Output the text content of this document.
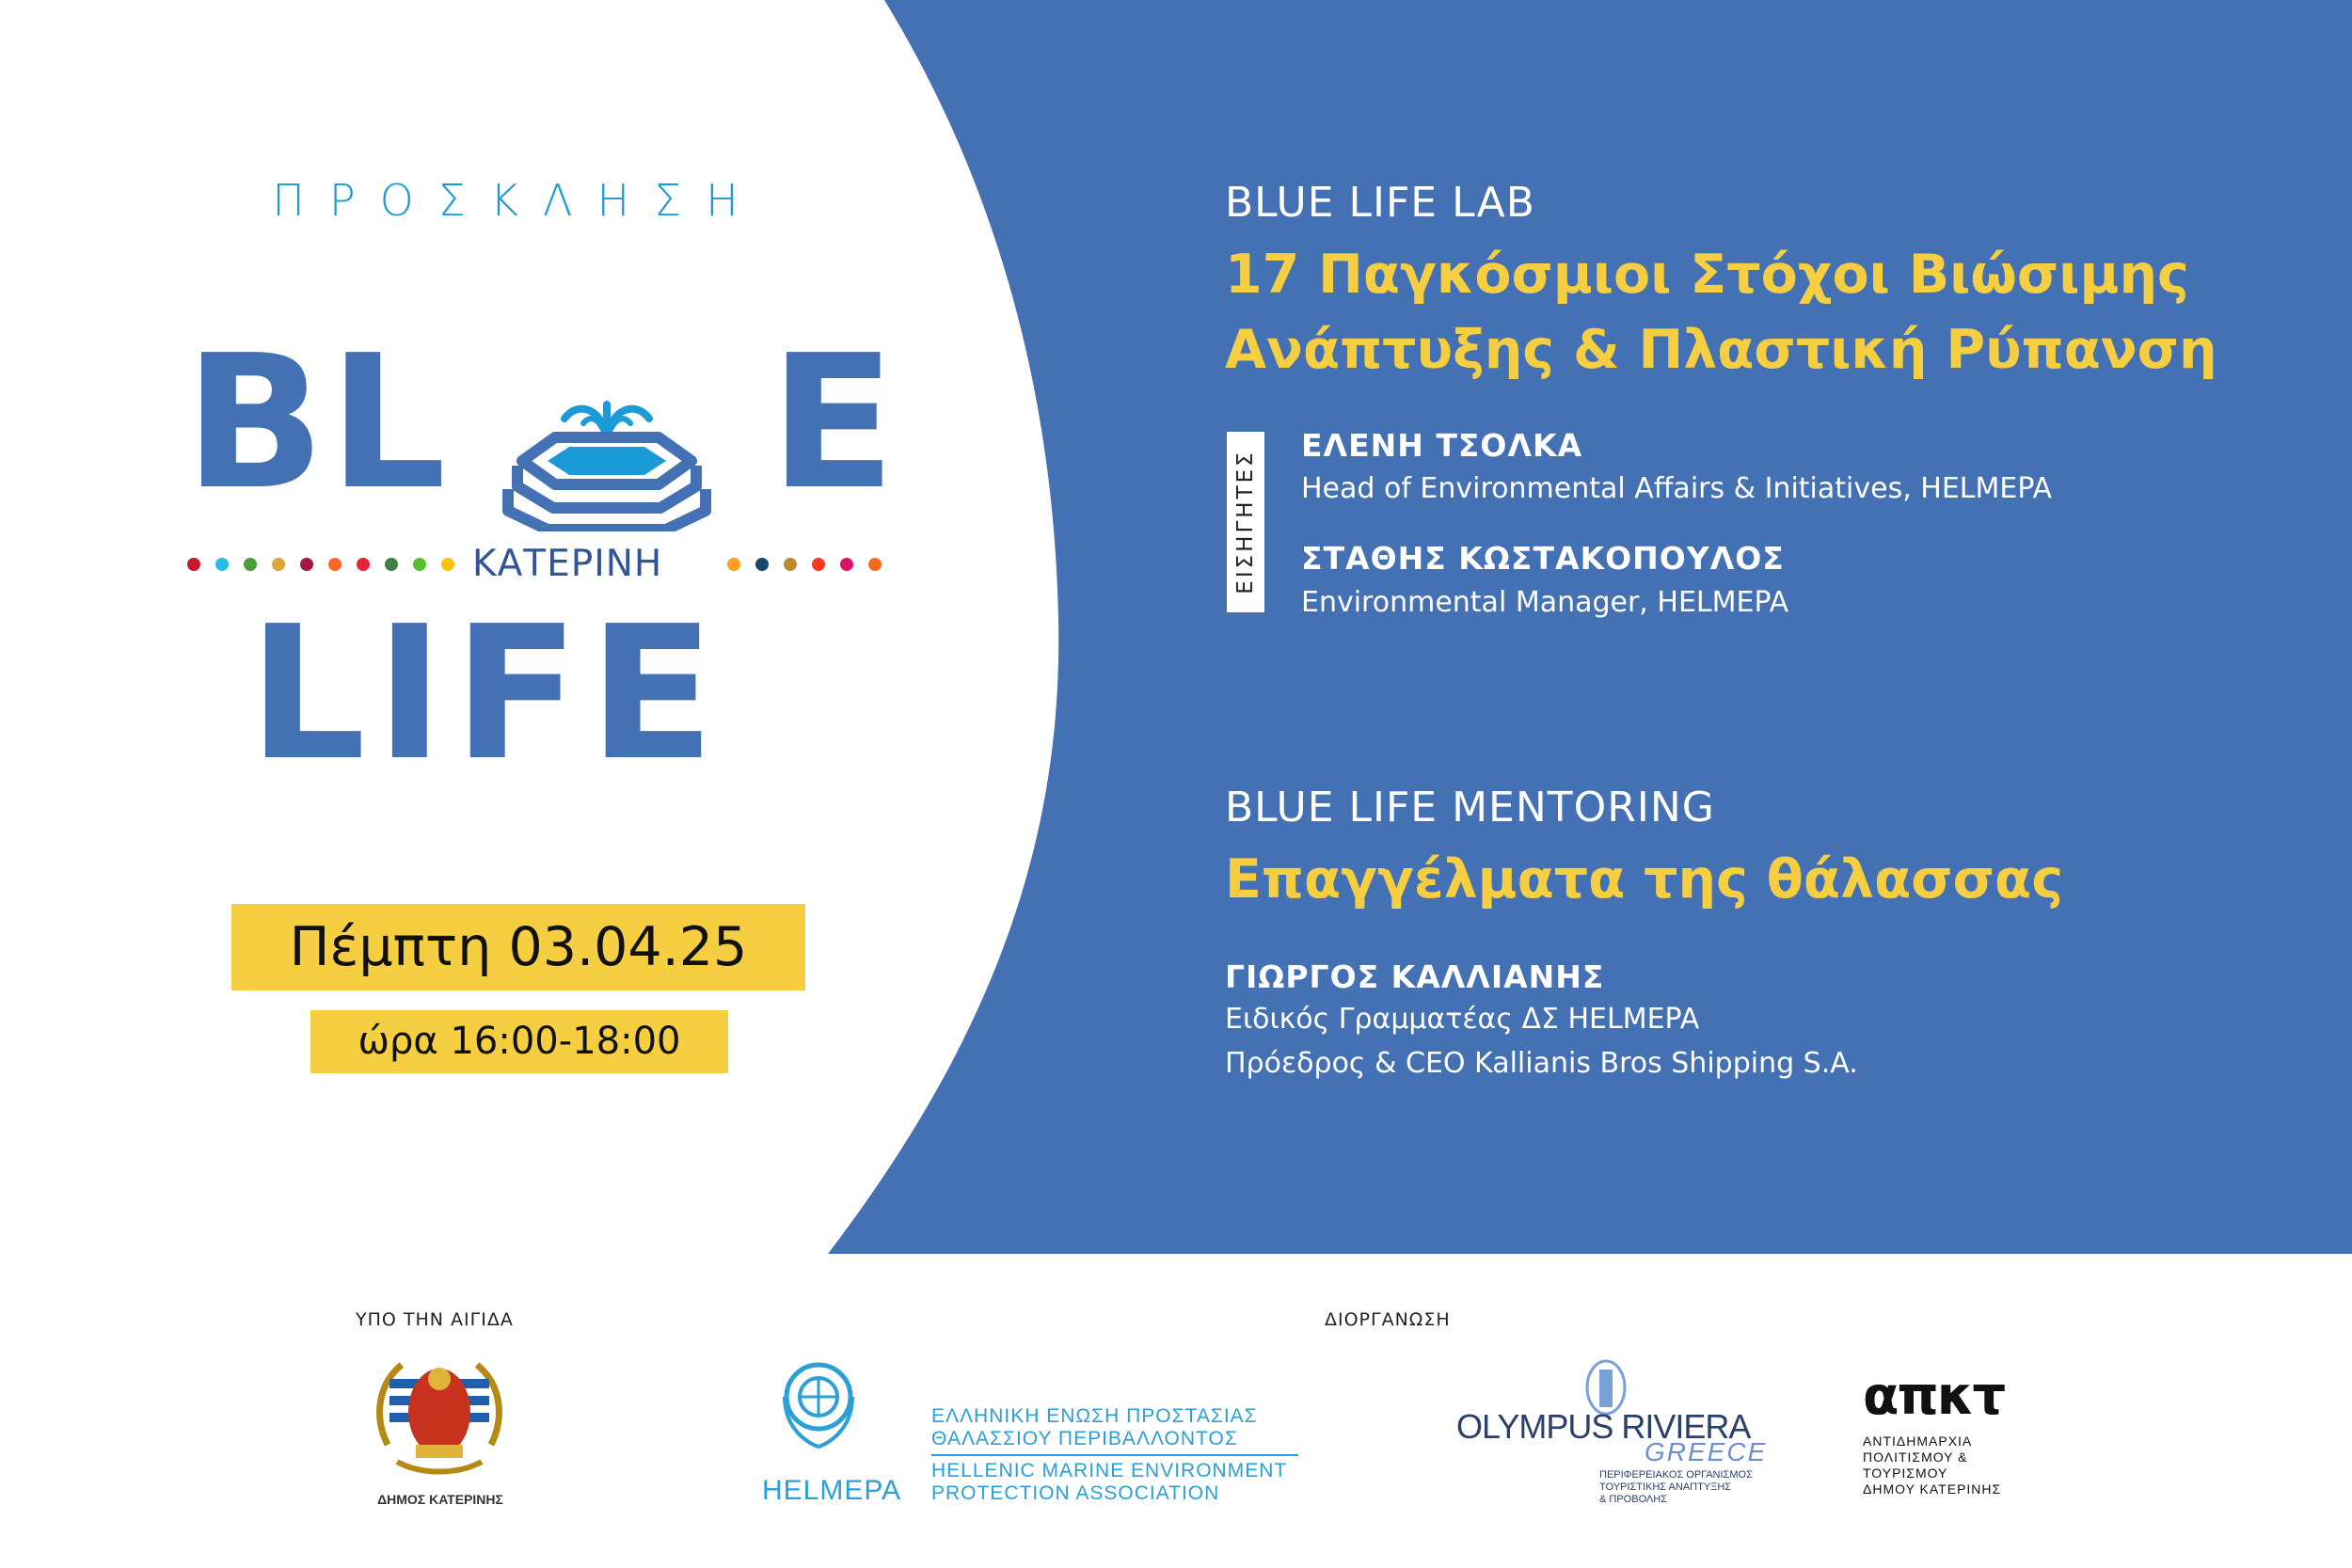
ΠΡΟΣΚΛΗΣΗ
BL E
ΚΑΤΕΡΙΝΗ
LIFE
Πέμπτη 03.04.25
ώρα 16:00-18:00
BLUE LIFE LAB
17 Παγκόσμιοι Στόχοι Βιώσιμης
Ανάπτυξης & Πλαστική Ρύπανση
ΕΙΣΗΓΗΤΕΣ
ΕΛΕΝΗ ΤΣΟΛΚΑ
Head of Environmental Affairs & Initiatives, HELMEPA
ΣΤΑΘΗΣ ΚΩΣΤΑΚΟΠΟΥΛΟΣ
Environmental Manager, HELMEPA
BLUE LIFE MENTORING
Επαγγέλματα της θάλασσας
ΓΙΩΡΓΟΣ ΚΑΛΛΙΑΝΗΣ
Ειδικός Γραμματέας ΔΣ HELMEPA
Πρόεδρος & CEO Kallianis Bros Shipping S.A.
ΥΠΟ ΤΗΝ ΑΙΓΙΔΑ	ΔΙΟΡΓΑΝΩΣΗ
ΔΗΜΟΣ ΚΑΤΕΡΙΝΗΣ	HELMEPA
ΕΛΛΗΝΙΚΗ ΕΝΩΣΗ ΠΡΟΣΤΑΣΙΑΣ
ΘΑΛΑΣΣΙΟΥ ΠΕΡΙΒΑΛΛΟΝΤΟΣ
HELLENIC MARINE ENVIRONMENT
PROTECTION ASSOCIATION
OLYMPUS RIVIERA
GREECE
ΠΕΡΙΦΕΡΕΙΑΚΟΣ ΟΡΓΑΝΙΣΜΟΣ
ΤΟΥΡΙΣΤΙΚΗΣ ΑΝΑΠΤΥΞΗΣ
& ΠΡΟΒΟΛΗΣ
απκτ
ΑΝΤΙΔΗΜΑΡΧΙΑ
ΠΟΛΙΤΙΣΜΟΥ &
ΤΟΥΡΙΣΜΟΥ
ΔΗΜΟΥ ΚΑΤΕΡΙΝΗΣ
